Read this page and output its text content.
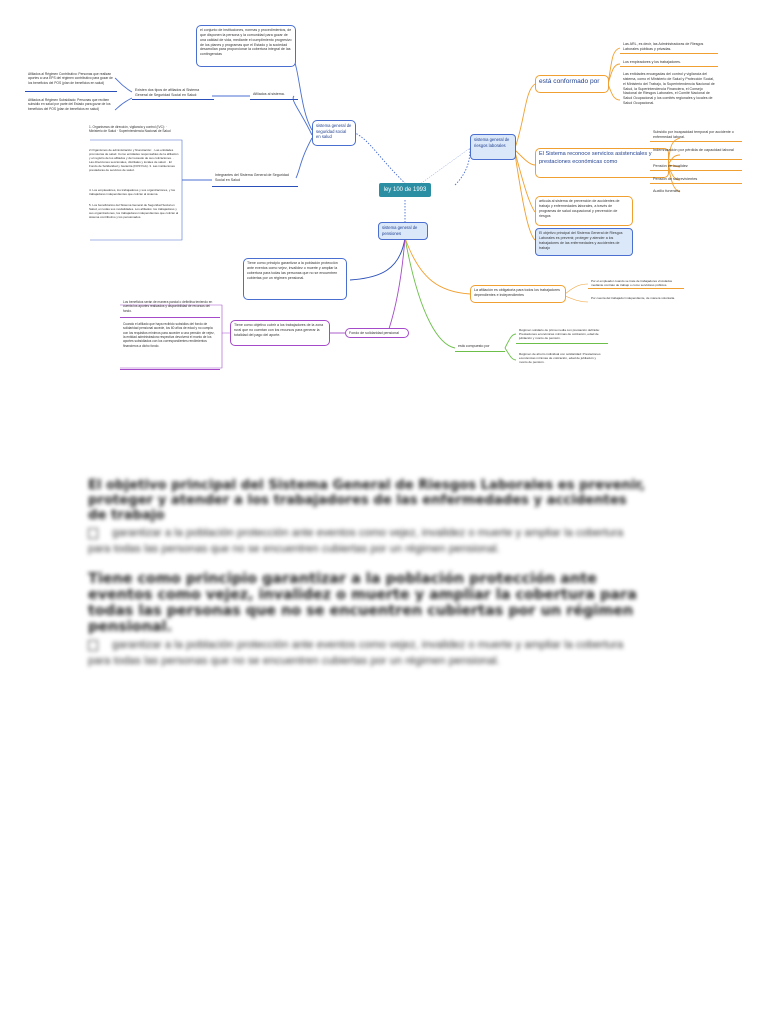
ley 100 de 1993
sistema general de seguridad social en salud
el conjunto de instituciones, normas y procedimientos, de que disponen la persona y la comunidad para gozar de una calidad de vida, mediante el cumplimiento progresivo de los planes y programas que el Estado y la sociedad desarrollan para proporcionar la cobertura integral de las contingencias
Afiliados al sistema.
Existen dos tipos de afiliados al Sistema General de Seguridad Social en Salud:
Afiliados al Régimen Contributivo: Personas que realizan aportes a una EPS del régimen contributivo para gozar de los beneficios del POS (plan de beneficios en salud)
Afiliados al Régimen Subsidiado: Personas que reciben subsidio en salud por parte del Estado para gozar de los beneficios del POS (plan de beneficios en salud)
Integrantes del Sistema General de Seguridad Social en Salud
1. Organismos de dirección, vigilancia y control (IVC): · Ministerio de Salud · Superintendencia Nacional de Salud
2.Organismos de administración y financiación: · Las entidades promotoras de salud. Como entidades responsables de la afiliación y el registro de los afiliados y del recaudo de sus cotizaciones. · Las direcciones seccionales, distritales y locales de salud. · El Fondo de Solidaridad y Garantía (FOSYGA). 3. Las instituciones prestadoras de servicios de salud.
4. Los empleadores, los trabajadores y sus organizaciones, y los trabajadores independientes que cotizan al sistema.
5. Los beneficiarios del Sistema General de Seguridad Social en Salud, en todas sus modalidades. Los afiliados: los trabajadores y sus organizaciones, los trabajadores independientes que cotizan al sistema contributivo y los pensionados.
sistema general de pensiones
Tiene como principio garantizar a la población protección ante eventos como vejez, invalidez o muerte y ampliar la cobertura para todas las personas que no se encuentren cubiertas por un régimen pensional.
Fondo de solidaridad pensional
Tiene como objetivo cubrir a los trabajadores de la zona rural que no cuentan con los recursos para generar la totalidad del pago del aporte.
Los beneficios serán de manera parcial o definitiva teniendo en cuenta los aportes realizados y disponibilidad de recursos del fondo.
Cuando el afiliado que haya recibido subsidios del fondo de solidaridad pensional accede, los 60 años de edad y no cumpla con los requisitos mínimos para acceder a una pensión de vejez, la entidad administradora respectiva devolverá el monto de los aportes subsidiados con los correspondientes rendimientos financieros a dicho fondo.
sistema general de riesgos laborales
está conformado por
Las ARL, es decir, las Administradoras de Riesgos Laborales públicas y privadas.
Los empleadores y los trabajadores.
Las entidades encargadas del control y vigilancia del sistema, como el Ministerio de Salud y Protección Social, el Ministerio del Trabajo, la Superintendencia Nacional de Salud, la Superintendencia Financiera, el Consejo Nacional de Riesgos Laborales, el Comité Nacional de Salud Ocupacional y los comités regionales y locales de Salud Ocupacional.
El Sistema reconoce servicios asistenciales y prestaciones económicas como
Subsidio por incapacidad temporal por accidente o enfermedad laboral.
Indemnización por pérdida de capacidad laboral
Pensión de invalidez
Pensión de sobrevivientes
Auxilio funerario
articula al sistema de prevención de accidentes de trabajo y enfermedades laborales, a través de programas de salud ocupacional y prevención de riesgos
El objetivo principal del Sistema General de Riesgos Laborales es prevenir, proteger y atender a los trabajadores de las enfermedades y accidentes de trabajo
La afiliación es obligatoria para todos los trabajadores dependientes e independientes
Por el empleador cuando se trate de trabajadores vinculados mediante contrato de trabajo o como servidores públicos.
Por cuenta del trabajador independiente, de manera voluntaria.
está compuesto por
Régimen solidario de prima media con prestación definida: Prestaciones económicas mínimas de cotización, edad de jubilación y monto de pensión.
Régimen de ahorro individual con solidaridad: Prestaciones económicas mínimas de cotización, edad de jubilación y monto de pensión.

El objetivo principal del Sistema General de Riesgos Laborales es prevenir, proteger y atender a los trabajadores de las enfermedades y accidentes de trabajo

garantizar a la población protección ante eventos como vejez, invalidez o muerte y ampliar la cobertura para todas las personas que no se encuentren cubiertas por un régimen pensional.

Tiene como principio garantizar a la población protección ante eventos como vejez, invalidez o muerte y ampliar la cobertura para todas las personas que no se encuentren cubiertas por un régimen pensional.

garantizar a la población protección ante eventos como vejez, invalidez o muerte y ampliar la cobertura para todas las personas que no se encuentren cubiertas por un régimen pensional.
